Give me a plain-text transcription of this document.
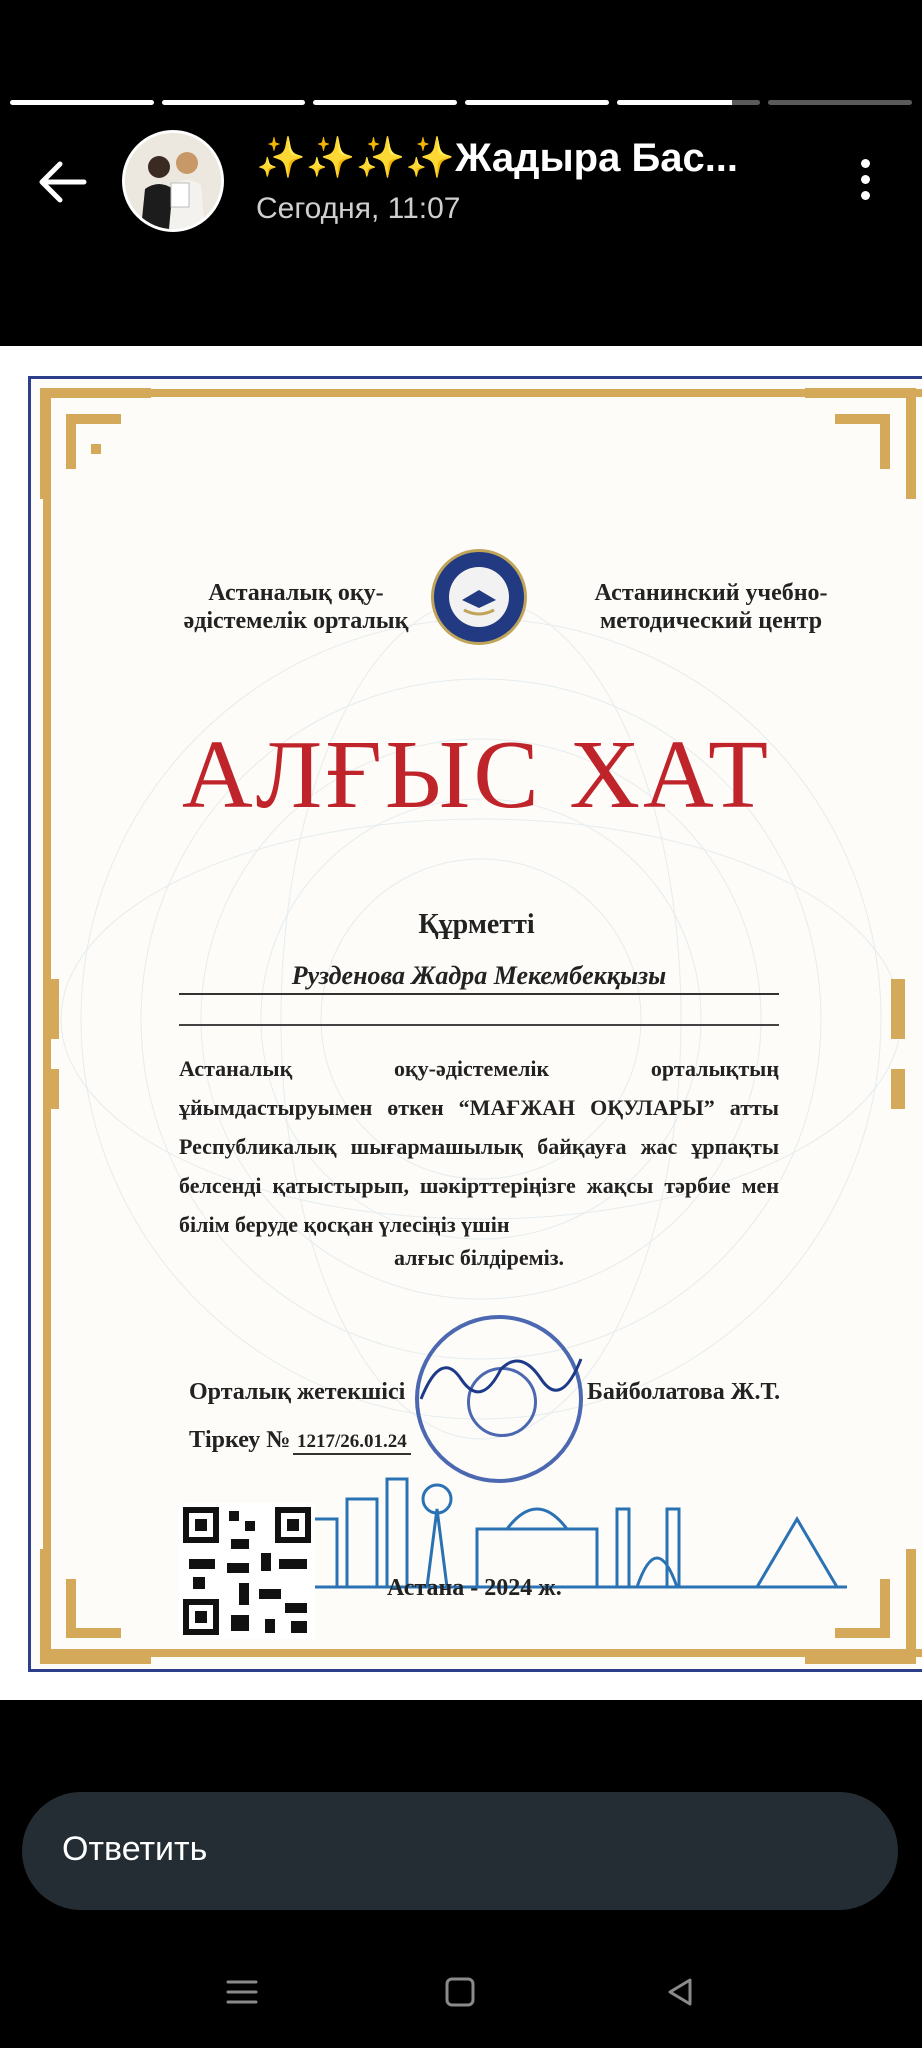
✨✨✨✨Жадыра Бас...
Сегодня, 11:07
Астаналық оқу-әдістемелік орталық
Астанинский учебно-методический центр
АЛҒЫС ХАТ
Құрметті
Рузденова Жадра Мекембекқызы
Астаналық оқу-әдістемелік орталықтың ұйымдастыруымен өткен “МАҒЖАН ОҚУЛАРЫ” атты Республикалық шығармашылық байқауға жас ұрпақты белсенді қатыстырып, шәкірттеріңізге жақсы тәрбие мен білім беруде қосқан үлесіңіз үшін
алғыс білдіреміз.
Орталық жетекшісі	Байболатова Ж.Т.
Тіркеу № 1217/26.01.24
Астана - 2024 ж.
Ответить
